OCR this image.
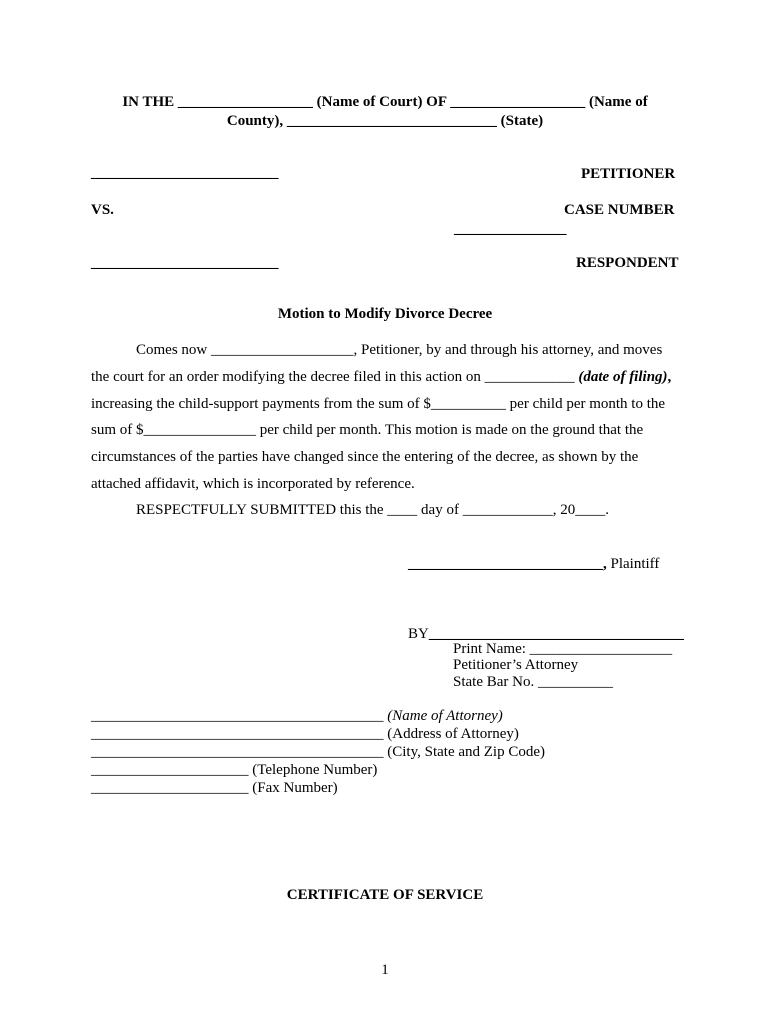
IN THE __________________ (Name of Court) OF __________________ (Name of
County), ____________________________ (State)
_________________________	PETITIONER
VS.	CASE NUMBER
_______________
_________________________	RESPONDENT
Motion to Modify Divorce Decree
Comes now ___________________, Petitioner, by and through his attorney, and moves
the court for an order modifying the decree filed in this action on ____________ (date of filing),
increasing the child-support payments from the sum of $__________ per child per month to the
sum of $_______________ per child per month. This motion is made on the ground that the
circumstances of the parties have changed since the entering of the decree, as shown by the
attached affidavit, which is incorporated by reference.
RESPECTFULLY SUBMITTED this the ____ day of ____________, 20____.
__________________________, Plaintiff
BY__________________________________
Print Name: ___________________
Petitioner’s Attorney
State Bar No. __________
_______________________________________ (Name of Attorney)
_______________________________________ (Address of Attorney)
_______________________________________ (City, State and Zip Code)
_____________________ (Telephone Number)
_____________________ (Fax Number)
CERTIFICATE OF SERVICE
1
